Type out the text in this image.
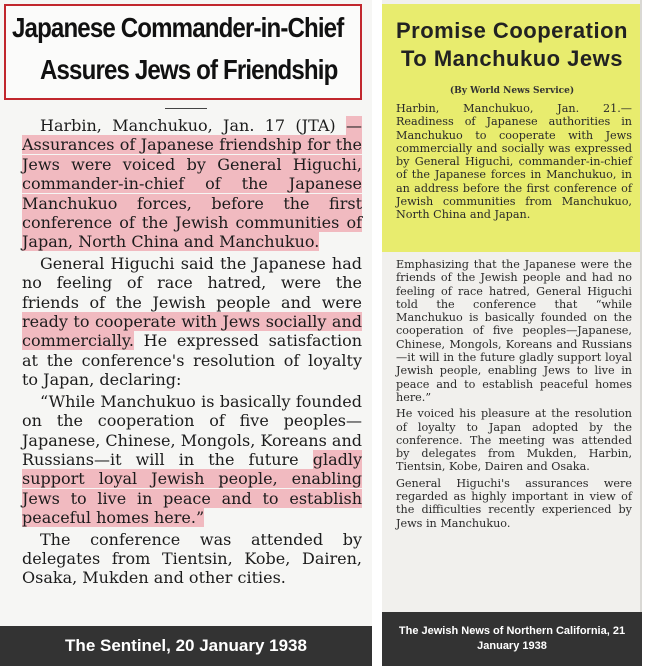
Japanese Commander-in-Chief
Assures Jews of Friendship

Harbin, Manchukuo, Jan. 17 (JTA) —Assurances of Japanese friendship for the Jews were voiced by General Higuchi, commander-in-chief of the Japanese Manchukuo forces, before the first conference of the Jewish communities of Japan, North China and Manchukuo.

General Higuchi said the Japanese had no feeling of race hatred, were the friends of the Jewish people and were ready to cooperate with Jews socially and commercially. He expressed satisfaction at the conference's resolution of loyalty to Japan, declaring:

“While Manchukuo is basically founded on the cooperation of five peoples—Japanese, Chinese, Mongols, Koreans and Russians—it will in the future gladly support loyal Jewish people, enabling Jews to live in peace and to establish peaceful homes here.”

The conference was attended by delegates from Tientsin, Kobe, Dairen, Osaka, Mukden and other cities.

The Sentinel, 20 January 1938
Promise Cooperation
To Manchukuo Jews
(By World News Service)

Harbin, Manchukuo, Jan. 21.— Readiness of Japanese authorities in Manchukuo to cooperate with Jews commercially and socially was expressed by General Higuchi, commander-in-chief of the Japanese forces in Manchukuo, in an address before the first conference of Jewish communities from Manchukuo, North China and Japan.

Emphasizing that the Japanese were the friends of the Jewish people and had no feeling of race hatred, General Higuchi told the conference that “while Manchukuo is basically founded on the cooperation of five peoples—Japanese, Chinese, Mongols, Koreans and Russians—it will in the future gladly support loyal Jewish people, enabling Jews to live in peace and to establish peaceful homes here.”

He voiced his pleasure at the resolution of loyalty to Japan adopted by the conference. The meeting was attended by delegates from Mukden, Harbin, Tientsin, Kobe, Dairen and Osaka.

General Higuchi's assurances were regarded as highly important in view of the difficulties recently experienced by Jews in Manchukuo.

The Jewish News of Northern California, 21 January 1938
